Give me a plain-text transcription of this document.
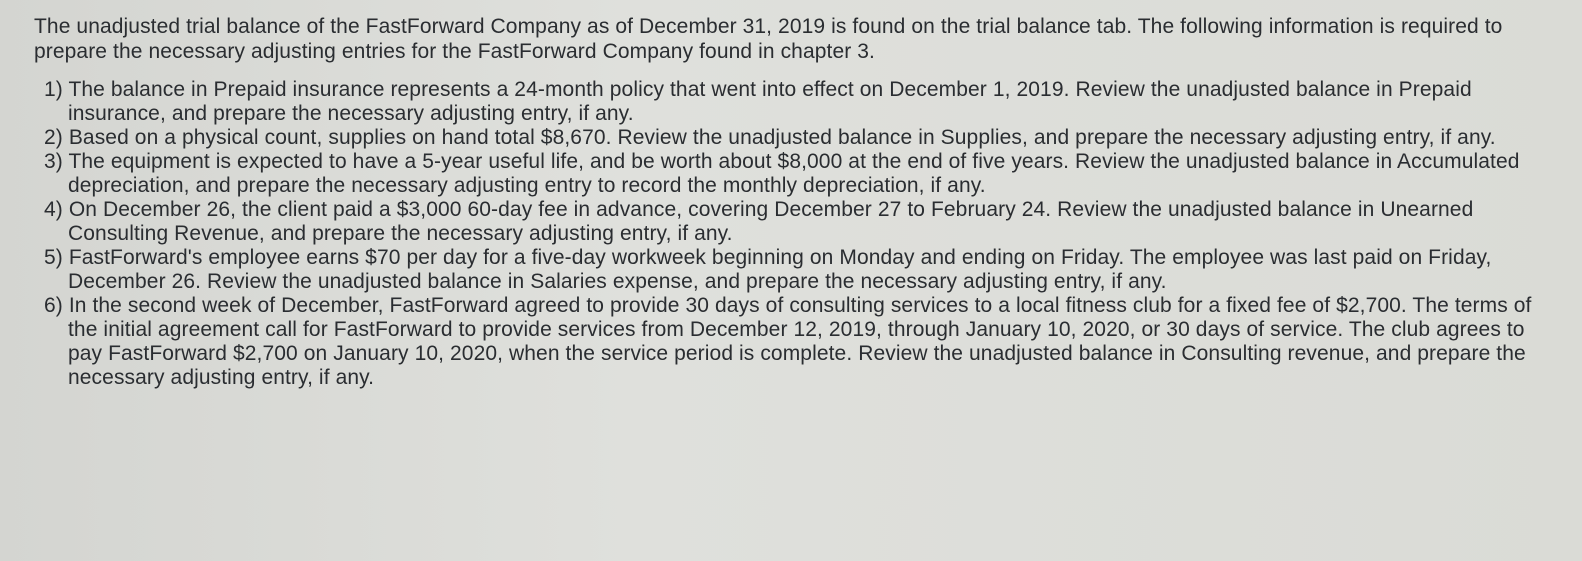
The unadjusted trial balance of the FastForward Company as of December 31, 2019 is found on the trial balance tab. The following information is required to prepare the necessary adjusting entries for the FastForward Company found in chapter 3.

1) The balance in Prepaid insurance represents a 24-month policy that went into effect on December 1, 2019. Review the unadjusted balance in Prepaid insurance, and prepare the necessary adjusting entry, if any.
2) Based on a physical count, supplies on hand total $8,670. Review the unadjusted balance in Supplies, and prepare the necessary adjusting entry, if any.
3) The equipment is expected to have a 5-year useful life, and be worth about $8,000 at the end of five years. Review the unadjusted balance in Accumulated depreciation, and prepare the necessary adjusting entry to record the monthly depreciation, if any.
4) On December 26, the client paid a $3,000 60-day fee in advance, covering December 27 to February 24. Review the unadjusted balance in Unearned Consulting Revenue, and prepare the necessary adjusting entry, if any.
5) FastForward's employee earns $70 per day for a five-day workweek beginning on Monday and ending on Friday. The employee was last paid on Friday, December 26. Review the unadjusted balance in Salaries expense, and prepare the necessary adjusting entry, if any.
6) In the second week of December, FastForward agreed to provide 30 days of consulting services to a local fitness club for a fixed fee of $2,700. The terms of the initial agreement call for FastForward to provide services from December 12, 2019, through January 10, 2020, or 30 days of service. The club agrees to pay FastForward $2,700 on January 10, 2020, when the service period is complete. Review the unadjusted balance in Consulting revenue, and prepare the necessary adjusting entry, if any.
